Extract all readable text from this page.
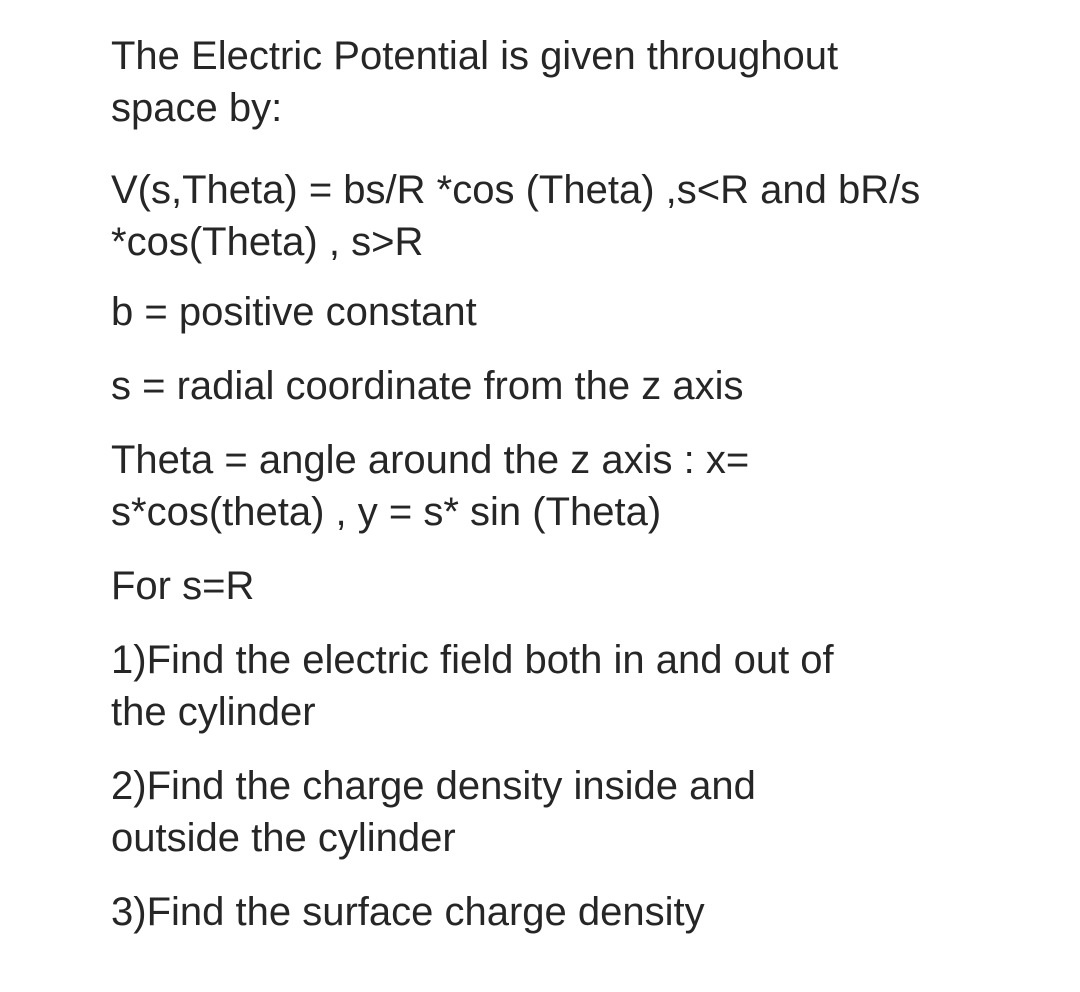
The Electric Potential is given throughout
space by:

V(s,Theta) = bs/R *cos (Theta) ,s<R and bR/s
*cos(Theta) , s>R

b = positive constant

s = radial coordinate from the z axis

Theta = angle around the z axis : x=
s*cos(theta) , y = s* sin (Theta)

For s=R

1)Find the electric field both in and out of
the cylinder

2)Find the charge density inside and
outside the cylinder

3)Find the surface charge density
